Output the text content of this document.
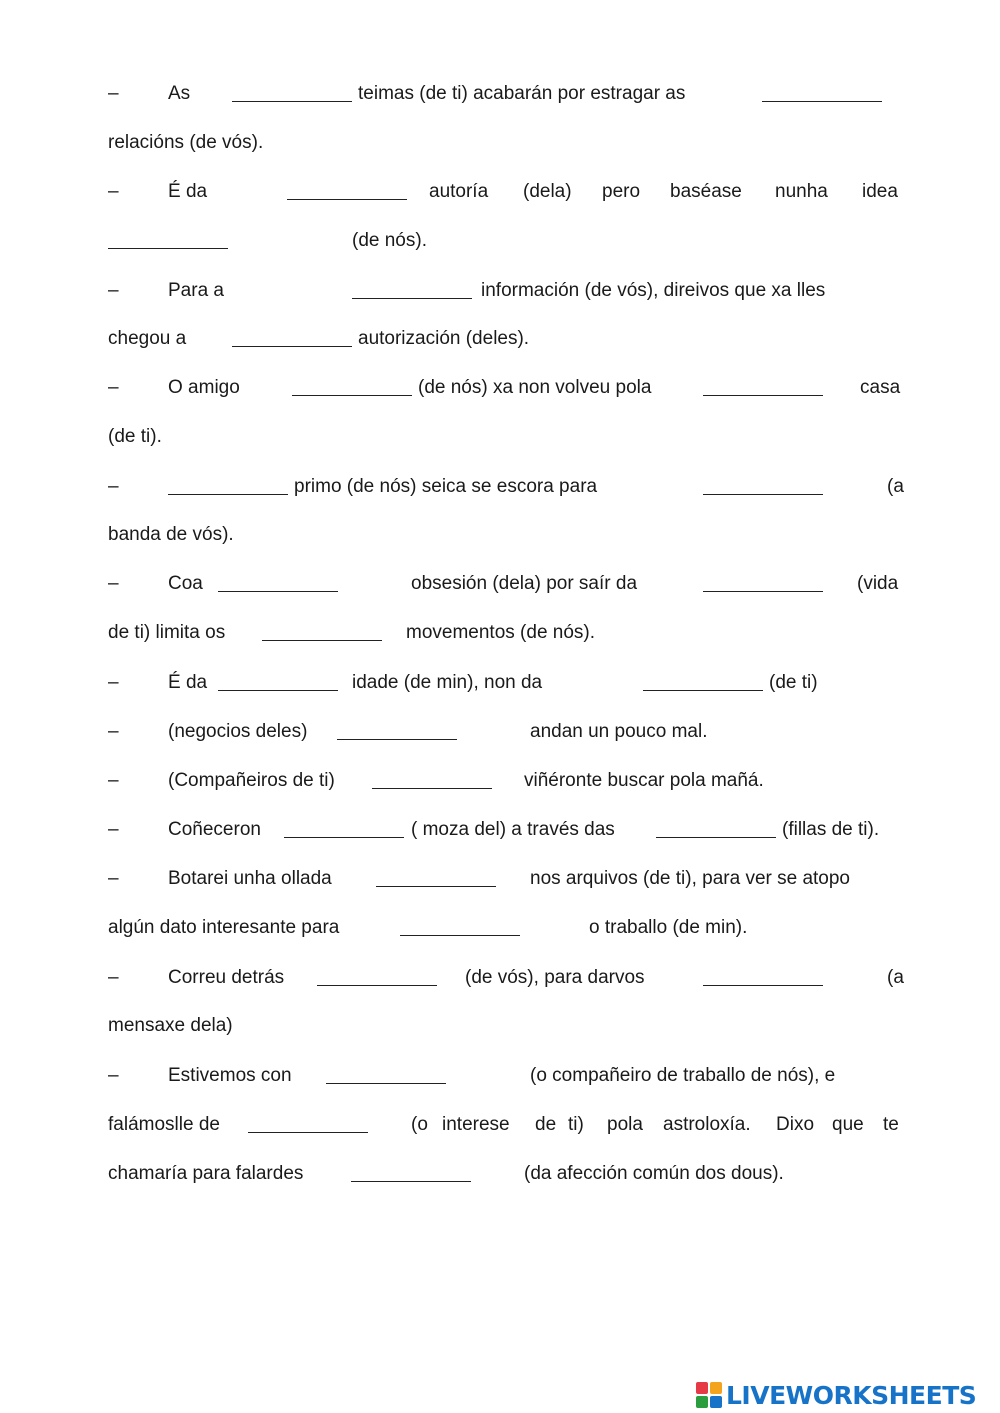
–	As	teimas (de ti) acabarán por estragar as
relacións (de vós).
–	É da	autoría (dela) pero baséase nunha idea
(de nós).
–	Para a	información (de vós), direivos que xa lles
chegou a	autorización (deles).
–	O amigo	(de nós) xa non volveu pola	casa
(de ti).
–	primo (de nós) seica se escora para	(a
banda de vós).
–	Coa	obsesión (dela) por saír da	(vida
de ti) limita os	movementos (de nós).
–	É da	idade (de min), non da	(de ti)
–	(negocios deles)	andan un pouco mal.
–	(Compañeiros de ti)	viñéronte buscar pola mañá.
–	Coñeceron	( moza del) a través das	(fillas de ti).
–	Botarei unha ollada	nos arquivos (de ti), para ver se atopo
algún dato interesante para	o traballo (de min).
–	Correu detrás	(de vós), para darvos	(a
mensaxe dela)
–	Estivemos con	(o compañeiro de traballo de nós), e
falámoslle de	(o interese de ti) pola astroloxía. Dixo que te
chamaría para falardes	(da afección común dos dous).
LIVEWORKSHEETS
